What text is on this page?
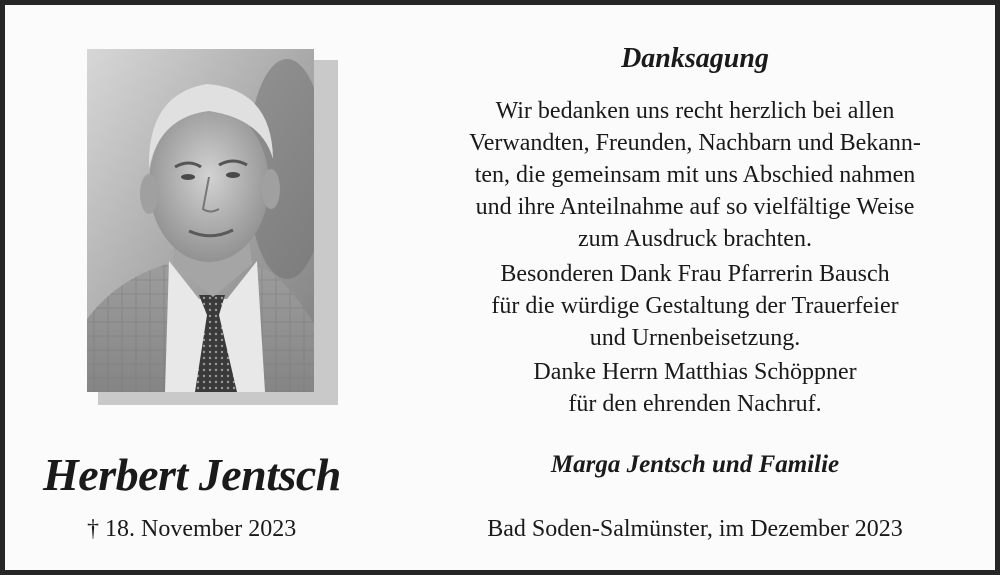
Herbert Jentsch
† 18. November 2023
Danksagung
Wir bedanken uns recht herzlich bei allen
Verwandten, Freunden, Nachbarn und Bekann-
ten, die gemeinsam mit uns Abschied nahmen
und ihre Anteilnahme auf so vielfältige Weise
zum Ausdruck brachten.
Besonderen Dank Frau Pfarrerin Bausch
für die würdige Gestaltung der Trauerfeier
und Urnenbeisetzung.
Danke Herrn Matthias Schöppner
für den ehrenden Nachruf.
Marga Jentsch und Familie
Bad Soden-Salmünster, im Dezember 2023
